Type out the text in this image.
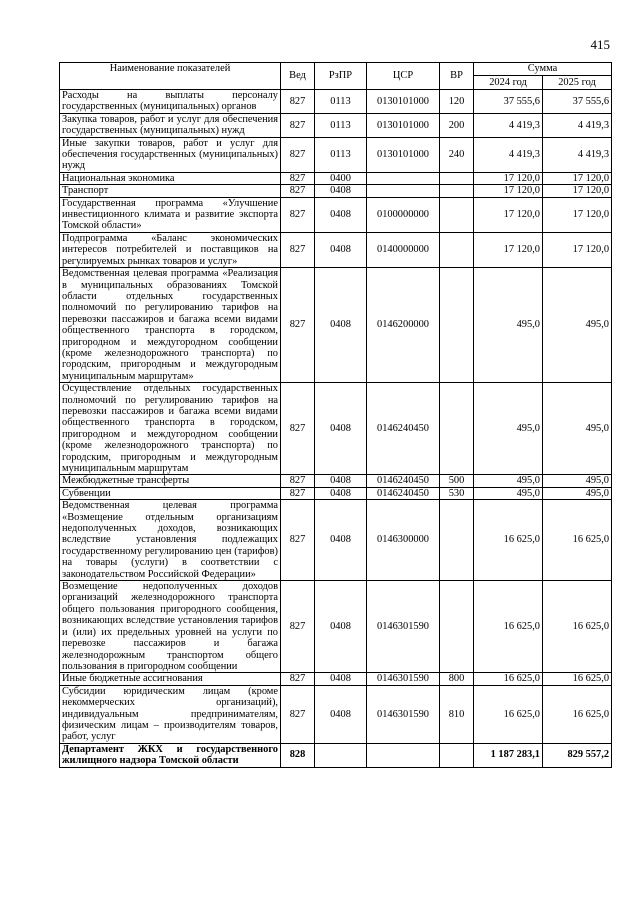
415
Наименование показателей	Вед	РзПР	ЦСР	ВР	Сумма	
					2024 год	2025 год
Расходы на выплаты персоналу государственных (муниципальных) органов	827	0113	0130101000	120	37 555,6	37 555,6
Закупка товаров, работ и услуг для обеспечения государственных (муниципальных) нужд	827	0113	0130101000	200	4 419,3	4 419,3
Иные закупки товаров, работ и услуг для обеспечения государственных (муниципальных) нужд	827	0113	0130101000	240	4 419,3	4 419,3
Национальная экономика	827	0400			17 120,0	17 120,0
Транспорт	827	0408			17 120,0	17 120,0
Государственная программа «Улучшение инвестиционного климата и развитие экспорта Томской области»	827	0408	0100000000		17 120,0	17 120,0
Подпрограмма «Баланс экономических интересов потребителей и поставщиков на регулируемых рынках товаров и услуг»	827	0408	0140000000		17 120,0	17 120,0
Ведомственная целевая программа «Реализация в муниципальных образованиях Томской области отдельных государственных полномочий по регулированию тарифов на перевозки пассажиров и багажа всеми видами общественного транспорта в городском, пригородном и междугородном сообщении (кроме железнодорожного транспорта) по городским, пригородным и междугородным муниципальным маршрутам»	827	0408	0146200000		495,0	495,0
Осуществление отдельных государственных полномочий по регулированию тарифов на перевозки пассажиров и багажа всеми видами общественного транспорта в городском, пригородном и междугородном сообщении (кроме железнодорожного транспорта) по городским, пригородным и междугородным муниципальным маршрутам	827	0408	0146240450		495,0	495,0
Межбюджетные трансферты	827	0408	0146240450	500	495,0	495,0
Субвенции	827	0408	0146240450	530	495,0	495,0
Ведомственная целевая программа «Возмещение отдельным организациям недополученных доходов, возникающих вследствие установления подлежащих государственному регулированию цен (тарифов) на товары (услуги) в соответствии с законодательством Российской Федерации»	827	0408	0146300000		16 625,0	16 625,0
Возмещение недополученных доходов организаций железнодорожного транспорта общего пользования пригородного сообщения, возникающих вследствие установления тарифов и (или) их предельных уровней на услуги по перевозке пассажиров и багажа железнодорожным транспортом общего пользования в пригородном сообщении	827	0408	0146301590		16 625,0	16 625,0
Иные бюджетные ассигнования	827	0408	0146301590	800	16 625,0	16 625,0
Субсидии юридическим лицам (кроме некоммерческих организаций), индивидуальным предпринимателям, физическим лицам – производителям товаров, работ, услуг	827	0408	0146301590	810	16 625,0	16 625,0
Департамент ЖКХ и государственного жилищного надзора Томской области	828				1 187 283,1	829 557,2
